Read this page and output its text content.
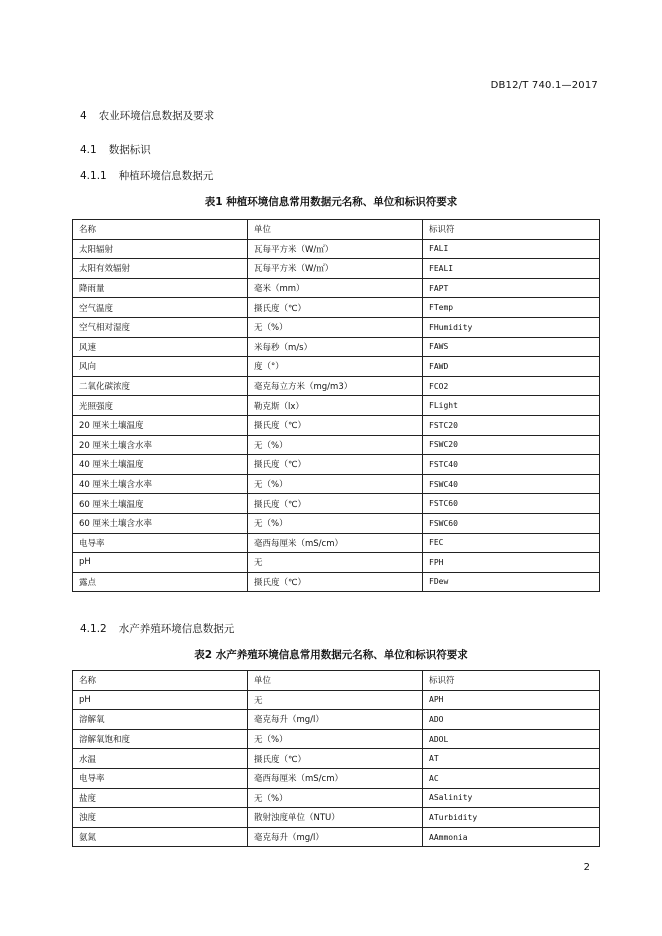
DB12/T 740.1—2017
4 农业环境信息数据及要求
4.1 数据标识
4.1.1 种植环境信息数据元
表1 种植环境信息常用数据元名称、单位和标识符要求
名称	单位	标识符
太阳辐射	瓦每平方米（W/㎡）	FALI
太阳有效辐射	瓦每平方米（W/㎡）	FEALI
降雨量	毫米（mm）	FAPT
空气温度	摄氏度（℃）	FTemp
空气相对湿度	无（%）	FHumidity
风速	米每秒（m/s）	FAWS
风向	度（°）	FAWD
二氧化碳浓度	毫克每立方米（mg/m3）	FCO2
光照强度	勒克斯（lx）	FLight
20 厘米土壤温度	摄氏度（℃）	FSTC20
20 厘米土壤含水率	无（%）	FSWC20
40 厘米土壤温度	摄氏度（℃）	FSTC40
40 厘米土壤含水率	无（%）	FSWC40
60 厘米土壤温度	摄氏度（℃）	FSTC60
60 厘米土壤含水率	无（%）	FSWC60
电导率	毫西每厘米（mS/cm）	FEC
pH	无	FPH
露点	摄氏度（℃）	FDew
4.1.2 水产养殖环境信息数据元
表2 水产养殖环境信息常用数据元名称、单位和标识符要求
名称	单位	标识符
pH	无	APH
溶解氧	毫克每升（mg/l）	ADO
溶解氧饱和度	无（%）	ADOL
水温	摄氏度（℃）	AT
电导率	毫西每厘米（mS/cm）	AC
盐度	无（%）	ASalinity
浊度	散射浊度单位（NTU）	ATurbidity
氨氮	毫克每升（mg/l）	AAmmonia
2
